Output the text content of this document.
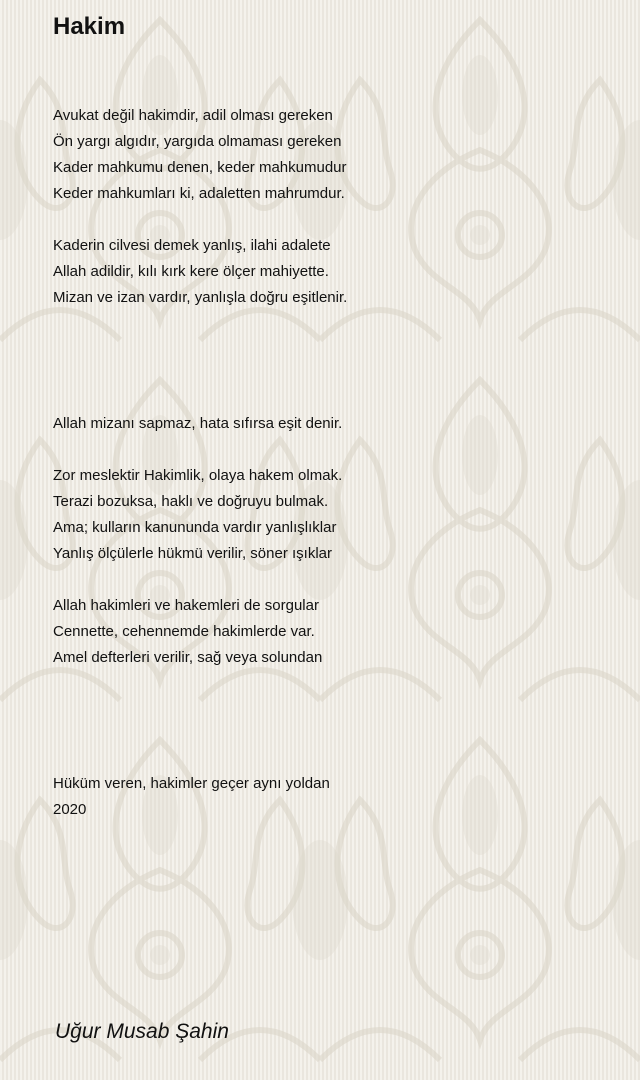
Hakim
Avukat değil hakimdir, adil olması gereken
Ön yargı algıdır, yargıda olmaması gereken
Kader mahkumu denen, keder mahkumudur
Keder mahkumları ki, adaletten mahrumdur.
Kaderin cilvesi demek yanlış, ilahi adalete
Allah adildir, kılı kırk kere ölçer mahiyette.
Mizan ve izan vardır, yanlışla doğru eşitlenir.
Allah mizanı sapmaz, hata sıfırsa eşit denir.
Zor meslektir Hakimlik, olaya hakem olmak.
Terazi bozuksa, haklı ve doğruyu bulmak.
Ama; kulların kanununda vardır yanlışlıklar
Yanlış ölçülerle hükmü verilir, söner ışıklar
Allah hakimleri ve hakemleri de sorgular
Cennette, cehennemde hakimlerde var.
Amel defterleri verilir, sağ veya solundan
Hüküm veren, hakimler geçer aynı yoldan
2020
Uğur Musab Şahin
